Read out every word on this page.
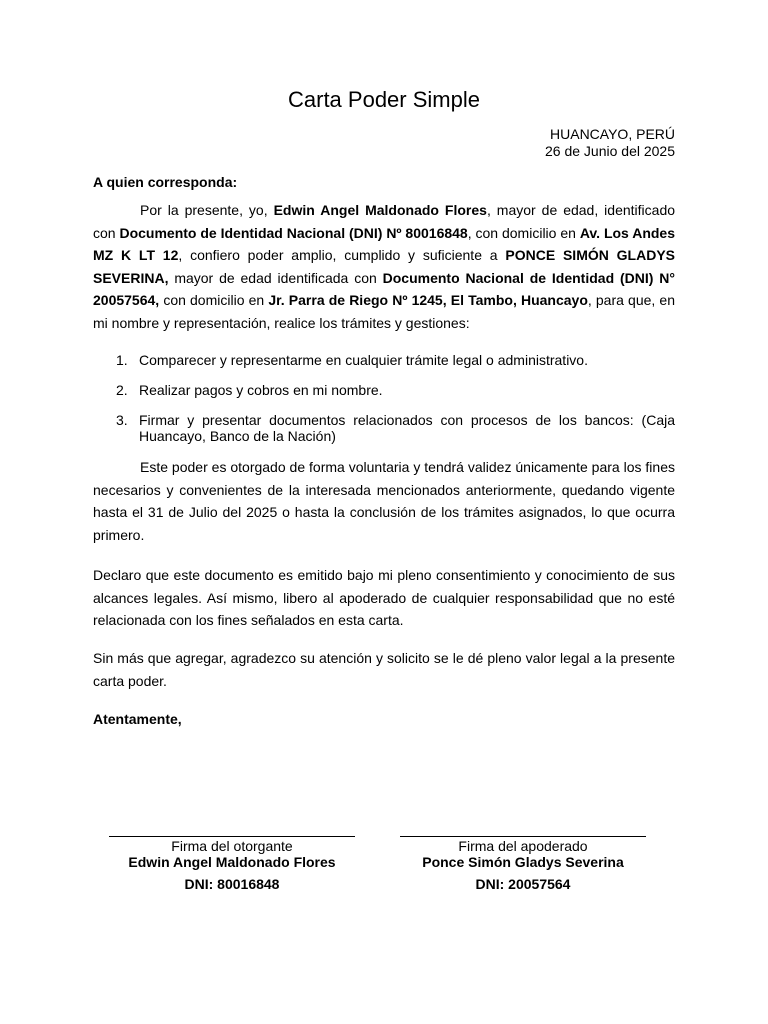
Carta Poder Simple
HUANCAYO, PERÚ
26 de Junio del 2025

A quien corresponda:

Por la presente, yo, Edwin Angel Maldonado Flores, mayor de edad, identificado con Documento de Identidad Nacional (DNI) Nº 80016848, con domicilio en Av. Los Andes MZ K LT 12, confiero poder amplio, cumplido y suficiente a PONCE SIMÓN GLADYS SEVERINA, mayor de edad identificada con Documento Nacional de Identidad (DNI) N° 20057564, con domicilio en Jr. Parra de Riego Nº 1245, El Tambo, Huancayo, para que, en mi nombre y representación, realice los trámites y gestiones:

1. Comparecer y representarme en cualquier trámite legal o administrativo.
2. Realizar pagos y cobros en mi nombre.
3. Firmar y presentar documentos relacionados con procesos de los bancos: (Caja Huancayo, Banco de la Nación)

Este poder es otorgado de forma voluntaria y tendrá validez únicamente para los fines necesarios y convenientes de la interesada mencionados anteriormente, quedando vigente hasta el 31 de Julio del 2025 o hasta la conclusión de los trámites asignados, lo que ocurra primero.

Declaro que este documento es emitido bajo mi pleno consentimiento y conocimiento de sus alcances legales. Así mismo, libero al apoderado de cualquier responsabilidad que no esté relacionada con los fines señalados en esta carta.

Sin más que agregar, agradezco su atención y solicito se le dé pleno valor legal a la presente carta poder.

Atentamente,

Firma del otorgante
Edwin Angel Maldonado Flores
DNI: 80016848
Firma del apoderado
Ponce Simón Gladys Severina
DNI: 20057564
